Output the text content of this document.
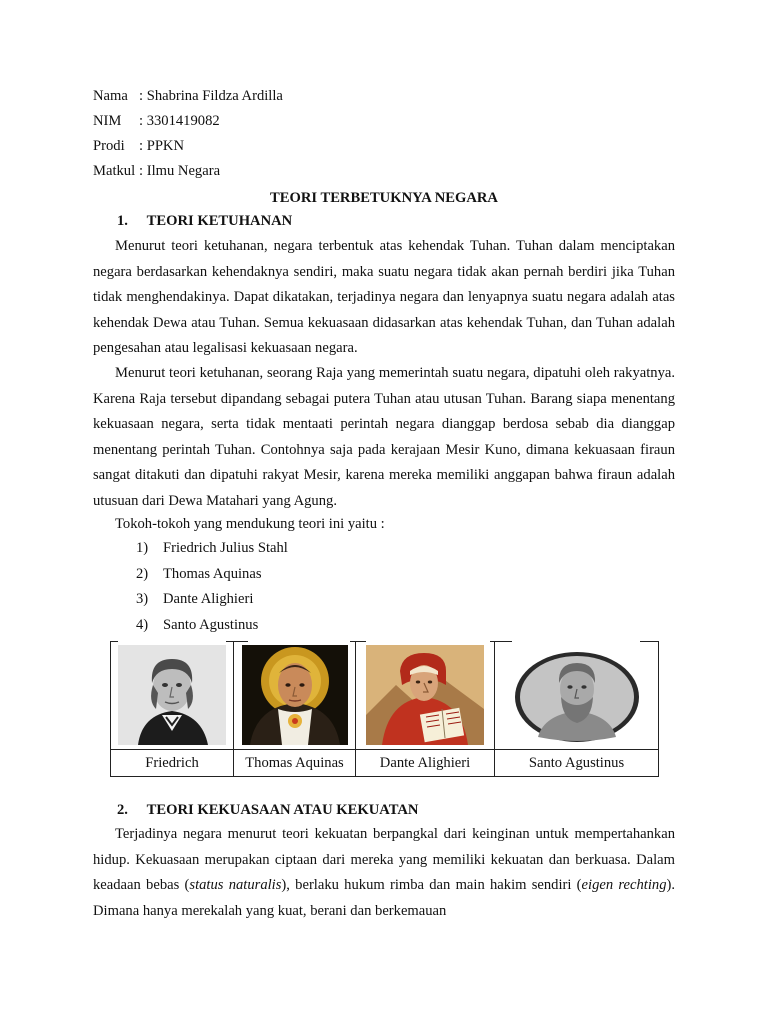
Nama : Shabrina Fildza Ardilla
NIM : 3301419082
Prodi : PPKN
Matkul : Ilmu Negara
TEORI TERBETUKNYA NEGARA
1. TEORI KETUHANAN

Menurut teori ketuhanan, negara terbentuk atas kehendak Tuhan. Tuhan dalam menciptakan negara berdasarkan kehendaknya sendiri, maka suatu negara tidak akan pernah berdiri jika Tuhan tidak menghendakinya. Dapat dikatakan, terjadinya negara dan lenyapnya suatu negara adalah atas kehendak Dewa atau Tuhan. Semua kekuasaan didasarkan atas kehendak Tuhan, dan Tuhan adalah pengesahan atau legalisasi kekuasaan negara.

Menurut teori ketuhanan, seorang Raja yang memerintah suatu negara, dipatuhi oleh rakyatnya. Karena Raja tersebut dipandang sebagai putera Tuhan atau utusan Tuhan. Barang siapa menentang kekuasaan negara, serta tidak mentaati perintah negara dianggap berdosa sebab dia dianggap menentang perintah Tuhan. Contohnya saja pada kerajaan Mesir Kuno, dimana kekuasaan firaun sangat ditakuti dan dipatuhi rakyat Mesir, karena mereka memiliki anggapan bahwa firaun adalah utusuan dari Dewa Matahari yang Agung.

Tokoh-tokoh yang mendukung teori ini yaitu :
1) Friedrich Julius Stahl
2) Thomas Aquinas
3) Dante Alighieri
4) Santo Agustinus

Friedrich	Thomas Aquinas	Dante Alighieri	Santo Agustinus
2. TEORI KEKUASAAN ATAU KEKUATAN

Terjadinya negara menurut teori kekuatan berpangkal dari keinginan untuk mempertahankan hidup. Kekuasaan merupakan ciptaan dari mereka yang memiliki kekuatan dan berkuasa. Dalam keadaan bebas (status naturalis), berlaku hukum rimba dan main hakim sendiri (eigen rechting). Dimana hanya merekalah yang kuat, berani dan berkemauan
